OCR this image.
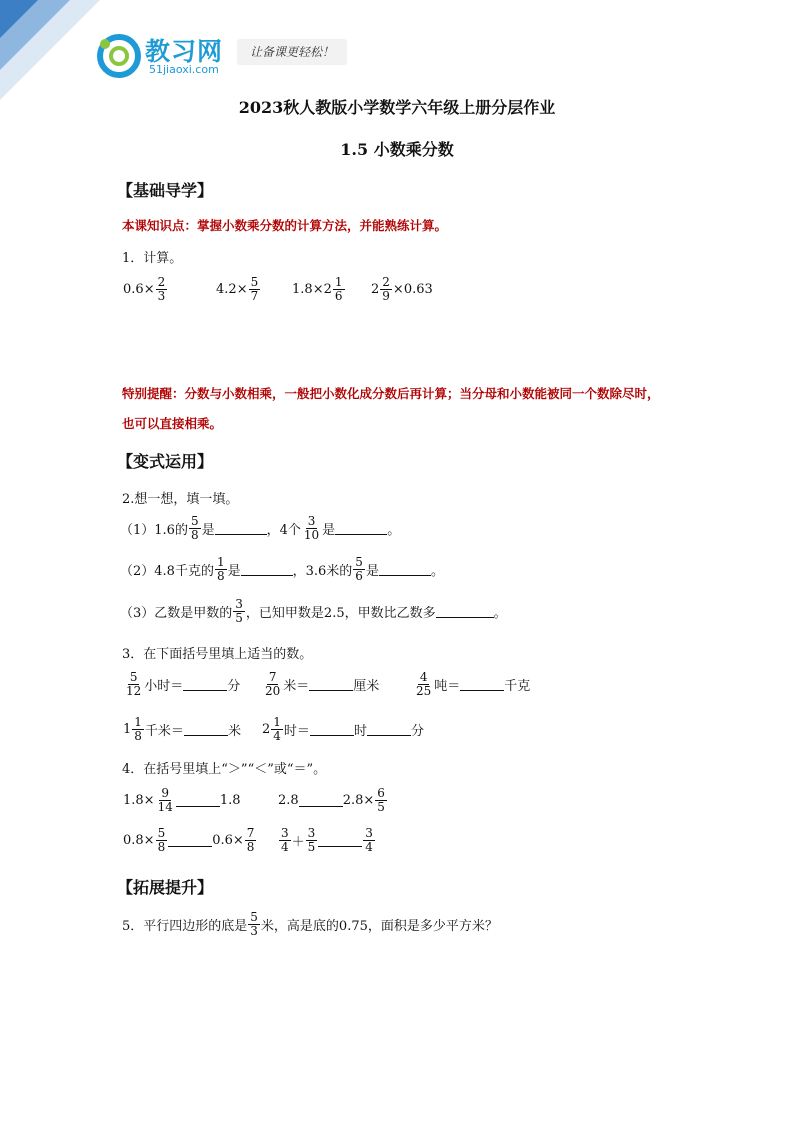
教习网
51jiaoxi.com
让备课更轻松！
2023秋人教版小学数学六年级上册分层作业
1.5 小数乘分数
【基础导学】
本课知识点：掌握小数乘分数的计算方法，并能熟练计算。
1．计算。
$0.6 \times \frac{2}{3}$	$4.2 \times \frac{5}{7} 1.8 \times 2 \frac{1}{6} 2 \frac{2}{9} \times 0.63$
特别提醒：分数与小数相乘，一般把小数化成分数后再计算；当分母和小数能被同一个数除尽时，
也可以直接相乘。
【变式运用】
2.想一想，填一填。
（1）1.6的 $\frac{5}{8}$ 是	，4个 $\frac{3}{10}$ 是	。
（2）4.8千克的 $\frac{1}{8}$ 是	，3.6米的 $\frac{5}{6}$ 是	。
（3）乙数是甲数的 $\frac{3}{5}$ ，已知甲数是2.5，甲数比乙数多	。
3．在下面括号里填上适当的数。
$\frac{5}{12}$ 小时＝	分 $\frac{7}{20}$ 米＝	厘米	$\frac{4}{25}$ 吨＝	千克
$1 \frac{1}{8}$ 千米＝	米 $2 \frac{1}{4}$ 时＝	时	分
4．在括号里填上“＞”“＜”或“＝”。
$1.8\times \frac{9}{14}$	1.8	2.8	$2.8\times \frac{6}{5}$
$0.8\times \frac{5}{8}$	$0.6\times \frac{7}{8} \frac{3}{4} + \frac{3}{5}$	$\frac{3}{4}$
【拓展提升】
5．平行四边形的底是 $\frac{5}{3}$ 米，高是底的0.75，面积是多少平方米？
